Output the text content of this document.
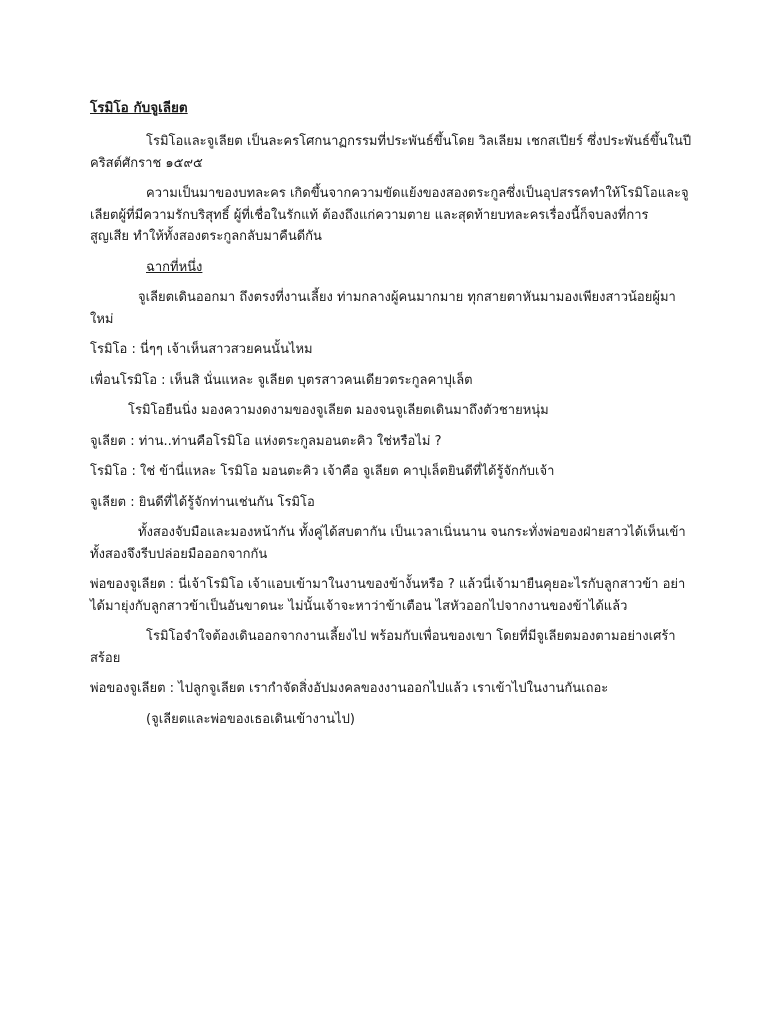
โรมิโอ กับจูเลียต
โรมิโอและจูเลียต เป็นละครโศกนาฏกรรมที่ประพันธ์ขึ้นโดย วิลเลียม เชกสเปียร์ ซึ่งประพันธ์ขึ้นในปี
คริสต์ศักราช ๑๕๙๕
ความเป็นมาของบทละคร เกิดขึ้นจากความขัดแย้งของสองตระกูลซึ่งเป็นอุปสรรคทำให้โรมิโอและจู
เลียตผู้ที่มีความรักบริสุทธิ์ ผู้ที่เชื่อในรักแท้ ต้องถึงแก่ความตาย และสุดท้ายบทละครเรื่องนี้ก็จบลงที่การ
สูญเสีย ทำให้ทั้งสองตระกูลกลับมาคืนดีกัน
ฉากที่หนึ่ง
จูเลียตเดินออกมา ถึงตรงที่งานเลี้ยง ท่ามกลางผู้คนมากมาย ทุกสายตาหันมามองเพียงสาวน้อยผู้มา
ใหม่
โรมิโอ : นี่ๆๆ เจ้าเห็นสาวสวยคนนั้นไหม
เพื่อนโรมิโอ : เห็นสิ นั่นแหละ จูเลียต บุตรสาวคนเดียวตระกูลคาปุเล็ต
โรมิโอยืนนิ่ง มองความงดงามของจูเลียต มองจนจูเลียตเดินมาถึงตัวชายหนุ่ม
จูเลียต : ท่าน..ท่านคือโรมิโอ แห่งตระกูลมอนตะคิว ใช่หรือไม่ ?
โรมิโอ : ใช่ ข้านี่แหละ โรมิโอ มอนตะคิว เจ้าคือ จูเลียต คาปุเล็ตยินดีที่ได้รู้จักกับเจ้า
จูเลียต : ยินดีที่ได้รู้จักท่านเช่นกัน โรมิโอ
ทั้งสองจับมือและมองหน้ากัน ทั้งคู่ได้สบตากัน เป็นเวลาเนิ่นนาน จนกระทั่งพ่อของฝ่ายสาวได้เห็นเข้า
ทั้งสองจึงรีบปล่อยมือออกจากกัน
พ่อของจูเลียต : นี่เจ้าโรมิโอ เจ้าแอบเข้ามาในงานของข้างั้นหรือ ? แล้วนี่เจ้ามายืนคุยอะไรกับลูกสาวข้า อย่า
ได้มายุ่งกับลูกสาวข้าเป็นอันขาดนะ ไม่นั้นเจ้าจะหาว่าข้าเตือน ไสหัวออกไปจากงานของข้าได้แล้ว
โรมิโอจำใจต้องเดินออกจากงานเลี้ยงไป พร้อมกับเพื่อนของเขา โดยที่มีจูเลียตมองตามอย่างเศร้า
สร้อย
พ่อของจูเลียต : ไปลูกจูเลียต เรากำจัดสิ่งอัปมงคลของงานออกไปแล้ว เราเข้าไปในงานกันเถอะ
(จูเลียตและพ่อของเธอเดินเข้างานไป)
